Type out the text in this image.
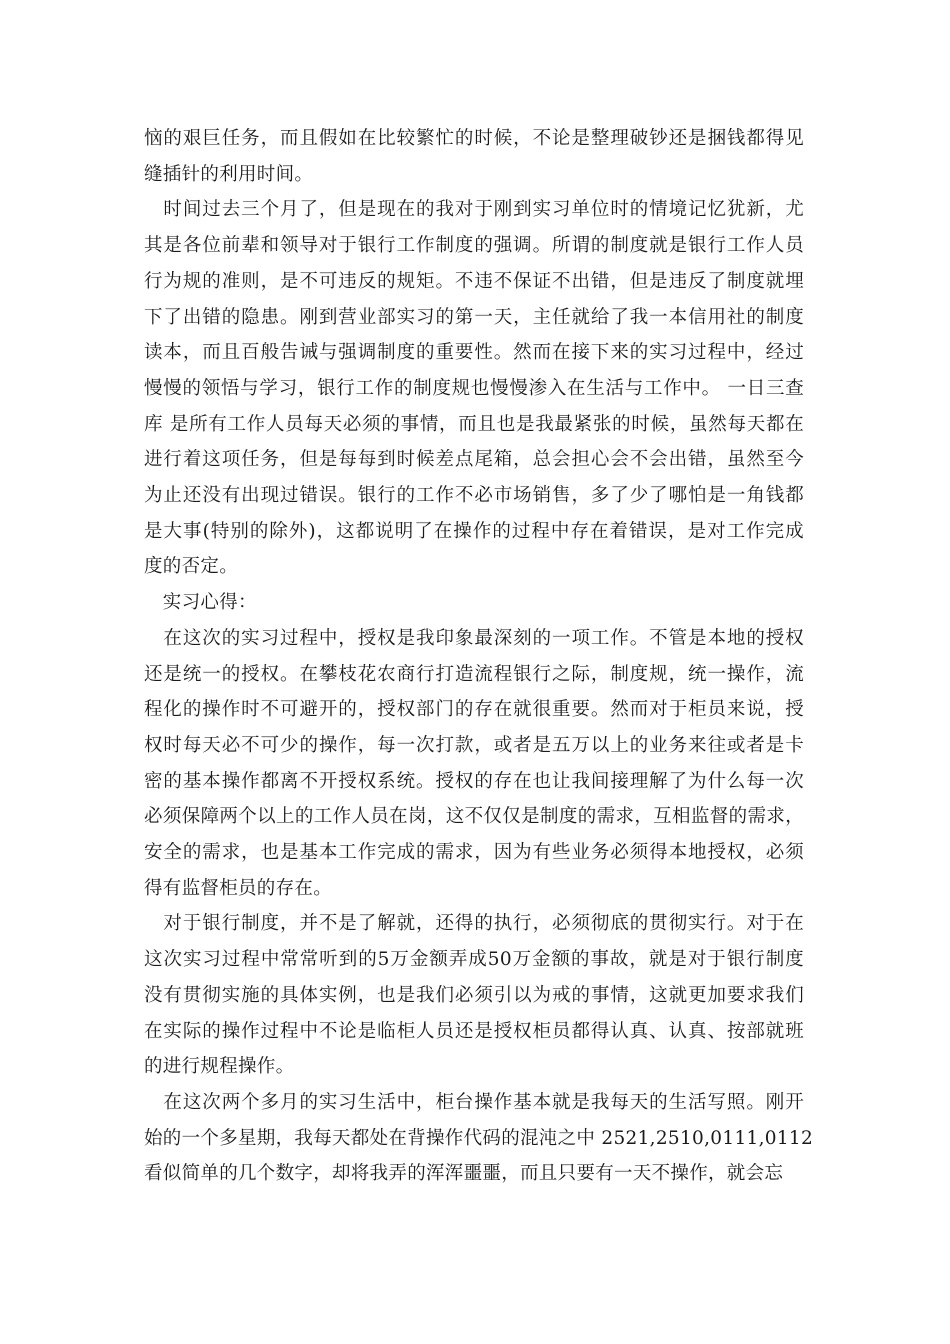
恼的艰巨任务，而且假如在比较繁忙的时候，不论是整理破钞还是捆钱都得见
缝插针的利用时间。
　时间过去三个月了，但是现在的我对于刚到实习单位时的情境记忆犹新，尤
其是各位前辈和领导对于银行工作制度的强调。所谓的制度就是银行工作人员
行为规的准则，是不可违反的规矩。不违不保证不出错，但是违反了制度就埋
下了出错的隐患。刚到营业部实习的第一天，主任就给了我一本信用社的制度
读本，而且百般告诫与强调制度的重要性。然而在接下来的实习过程中，经过
慢慢的领悟与学习，银行工作的制度规也慢慢渗入在生活与工作中。 一日三查
库 是所有工作人员每天必须的事情，而且也是我最紧张的时候，虽然每天都在
进行着这项任务，但是每每到时候差点尾箱，总会担心会不会出错，虽然至今
为止还没有出现过错误。银行的工作不必市场销售，多了少了哪怕是一角钱都
是大事(特别的除外)，这都说明了在操作的过程中存在着错误，是对工作完成
度的否定。
　实习心得：
　在这次的实习过程中，授权是我印象最深刻的一项工作。不管是本地的授权
还是统一的授权。在攀枝花农商行打造流程银行之际，制度规，统一操作，流
程化的操作时不可避开的，授权部门的存在就很重要。然而对于柜员来说，授
权时每天必不可少的操作，每一次打款，或者是五万以上的业务来往或者是卡
密的基本操作都离不开授权系统。授权的存在也让我间接理解了为什么每一次
必须保障两个以上的工作人员在岗，这不仅仅是制度的需求，互相监督的需求，
安全的需求，也是基本工作完成的需求，因为有些业务必须得本地授权，必须
得有监督柜员的存在。
　对于银行制度，并不是了解就，还得的执行，必须彻底的贯彻实行。对于在
这次实习过程中常常听到的5万金额弄成50万金额的事故，就是对于银行制度
没有贯彻实施的具体实例，也是我们必须引以为戒的事情，这就更加要求我们
在实际的操作过程中不论是临柜人员还是授权柜员都得认真、认真、按部就班
的进行规程操作。
　在这次两个多月的实习生活中，柜台操作基本就是我每天的生活写照。刚开
始的一个多星期，我每天都处在背操作代码的混沌之中 2521,2510,0111,0112
看似简单的几个数字，却将我弄的浑浑噩噩，而且只要有一天不操作，就会忘
